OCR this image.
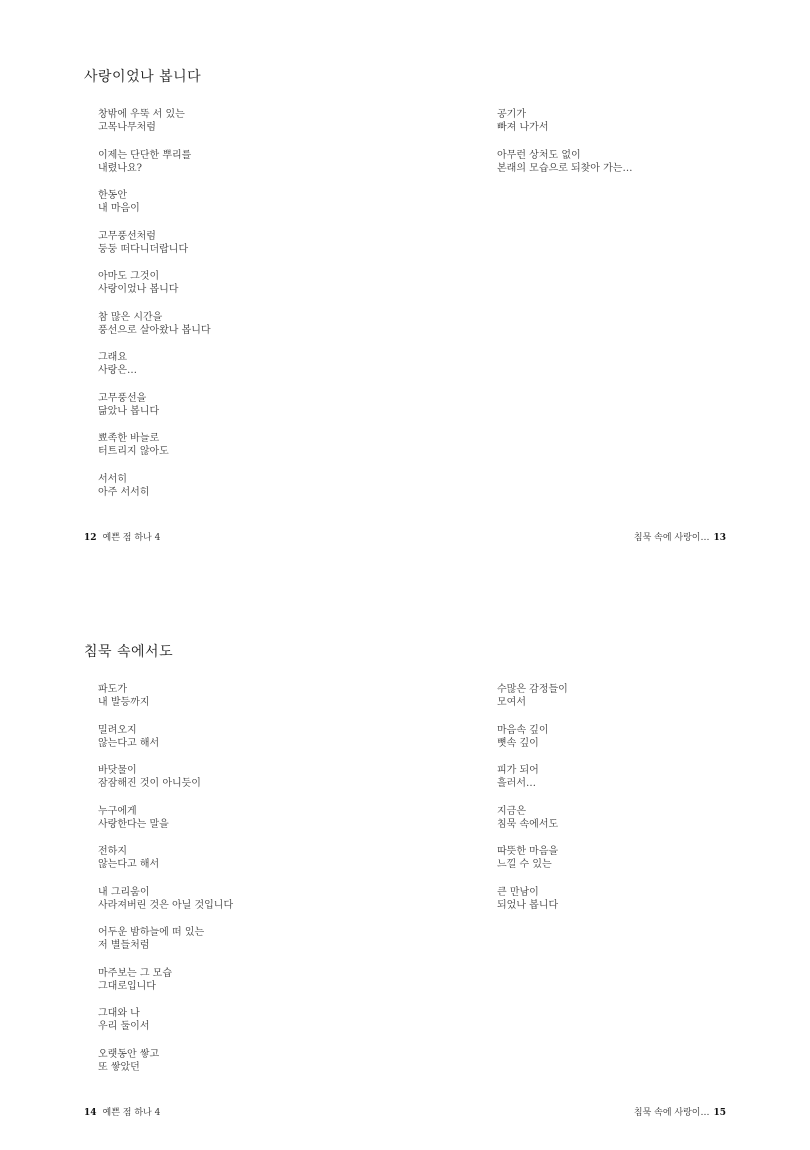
사랑이었나 봅니다
창밖에 우뚝 서 있는
고목나무처럼
이제는 단단한 뿌리를
내렸나요?
한동안
내 마음이
고무풍선처럼
둥둥 떠다니더랍니다
아마도 그것이
사랑이었나 봅니다
참 많은 시간을
풍선으로 살아왔나 봅니다
그래요
사랑은…
고무풍선을
닮았나 봅니다
뾰족한 바늘로
터트리지 않아도
서서히
아주 서서히
공기가
빠져 나가서
아무런 상처도 없이
본래의 모습으로 되찾아 가는…
12 예쁜 점 하나 4	침묵 속에 사랑이… 13
침묵 속에서도
파도가
내 발등까지
밀려오지
않는다고 해서
바닷물이
잠잠해진 것이 아니듯이
누구에게
사랑한다는 말을
전하지
않는다고 해서
내 그리움이
사라져버린 것은 아닐 것입니다
어두운 밤하늘에 떠 있는
저 별들처럼
마주보는 그 모습
그대로입니다
그대와 나
우리 둘이서
오랫동안 쌓고
또 쌓았던
수많은 감정들이
모여서
마음속 깊이
뼛속 깊이
피가 되어
흘러서…
지금은
침묵 속에서도
따뜻한 마음을
느낄 수 있는
큰 만남이
되었나 봅니다
14 예쁜 점 하나 4	침묵 속에 사랑이… 15
